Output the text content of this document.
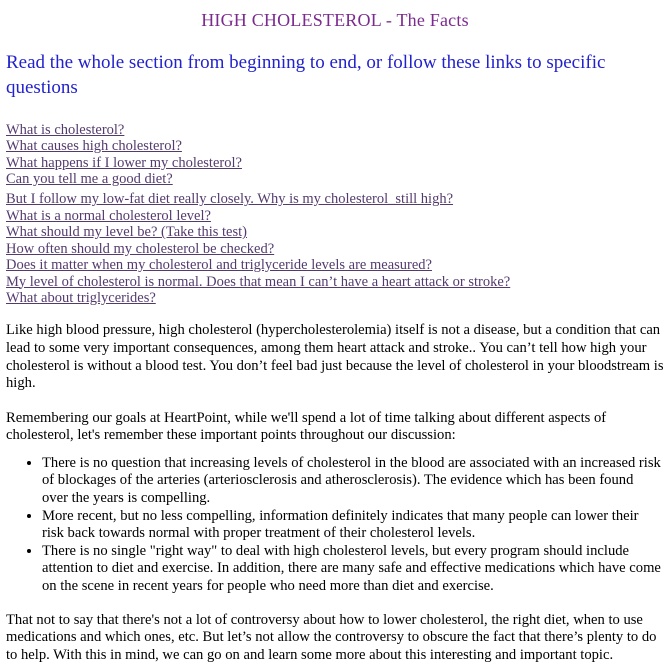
HIGH CHOLESTEROL - The Facts
Read the whole section from beginning to end, or follow these links to specific questions
What is cholesterol?
What causes high cholesterol?
What happens if I lower my cholesterol?
Can you tell me a good diet?
But I follow my low-fat diet really closely. Why is my cholesterol_still high?
What is a normal cholesterol level?
What should my level be? (Take this test)
How often should my cholesterol be checked?
Does it matter when my cholesterol and triglyceride levels are measured?
My level of cholesterol is normal. Does that mean I can’t have a heart attack or stroke?
What about triglycerides?

Like high blood pressure, high cholesterol (hypercholesterolemia) itself is not a disease, but a condition that can lead to some very important consequences, among them heart attack and stroke.. You can’t tell how high your cholesterol is without a blood test. You don’t feel bad just because the level of cholesterol in your bloodstream is high.

Remembering our goals at HeartPoint, while we'll spend a lot of time talking about different aspects of cholesterol, let's remember these important points throughout our discussion:

• There is no question that increasing levels of cholesterol in the blood are associated with an increased risk of blockages of the arteries (arteriosclerosis and atherosclerosis). The evidence which has been found over the years is compelling.
• More recent, but no less compelling, information definitely indicates that many people can lower their risk back towards normal with proper treatment of their cholesterol levels.
• There is no single "right way" to deal with high cholesterol levels, but every program should include attention to diet and exercise. In addition, there are many safe and effective medications which have come on the scene in recent years for people who need more than diet and exercise.

That not to say that there's not a lot of controversy about how to lower cholesterol, the right diet, when to use medications and which ones, etc. But let’s not allow the controversy to obscure the fact that there’s plenty to do to help. With this in mind, we can go on and learn some more about this interesting and important topic.
